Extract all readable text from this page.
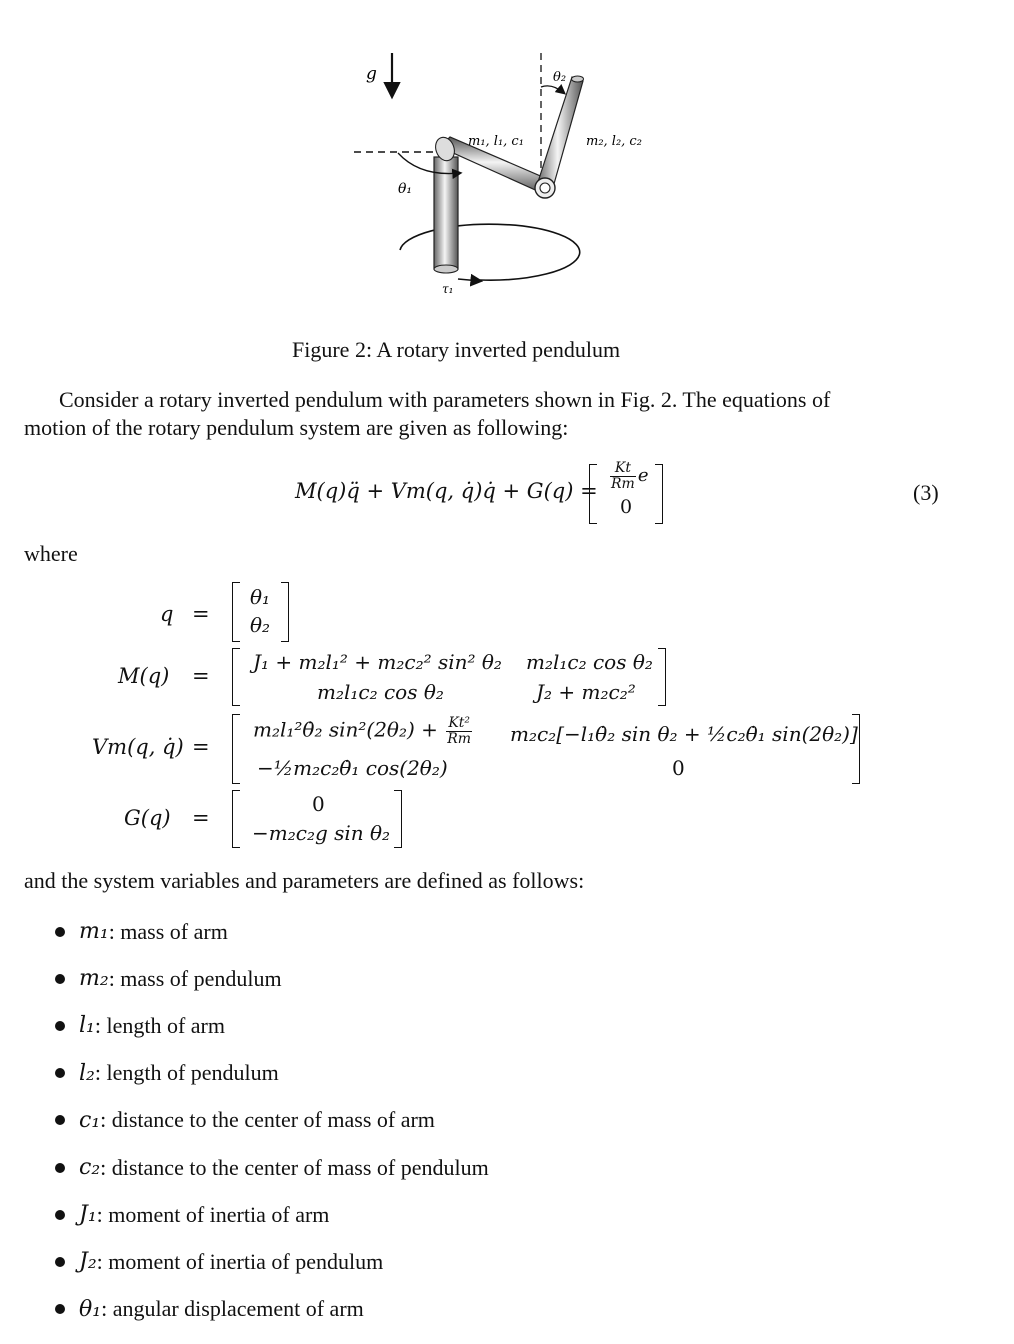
g	θ₂
m₁, l₁, c₁	m₂, l₂, c₂
θ₁
τ₁
Figure 2: A rotary inverted pendulum
Consider a rotary inverted pendulum with parameters shown in Fig. 2. The equations of
motion of the rotary pendulum system are given as following:
M(q)q̈ + Vm(q, q̇)q̇ + $G(q) = \frac{Kt}{Rm}$ e
0
(3)
where
q =
θ₁
θ₂
M(q) =
J₁ + m₂l₁² + m₂c₂² sin² θ₂ m₂l₁c₂ cos θ₂
m₂l₁c₂ cos θ₂	J₂ + m₂c₂²
Vm(q, q̇) =
m₂l₁²θ̇₂ $\sin^2(2\theta_2) + \frac{\text{Kt²}}{Rm}$ m₂c₂[−l₁θ̇₂ sin θ₂ + ½c₂θ̇₁ sin(2θ₂)]
−½m₂c₂θ̇₁ cos(2θ₂)	0
G(q) =
0
−m₂c₂g sin θ₂
and the system variables and parameters are defined as follows:
m₁ : mass of arm
m₂ : mass of pendulum
l₁ : length of arm
l₂ : length of pendulum
c₁ : distance to the center of mass of arm
c₂ : distance to the center of mass of pendulum
J₁ : moment of inertia of arm
J₂ : moment of inertia of pendulum
θ₁ : angular displacement of arm
